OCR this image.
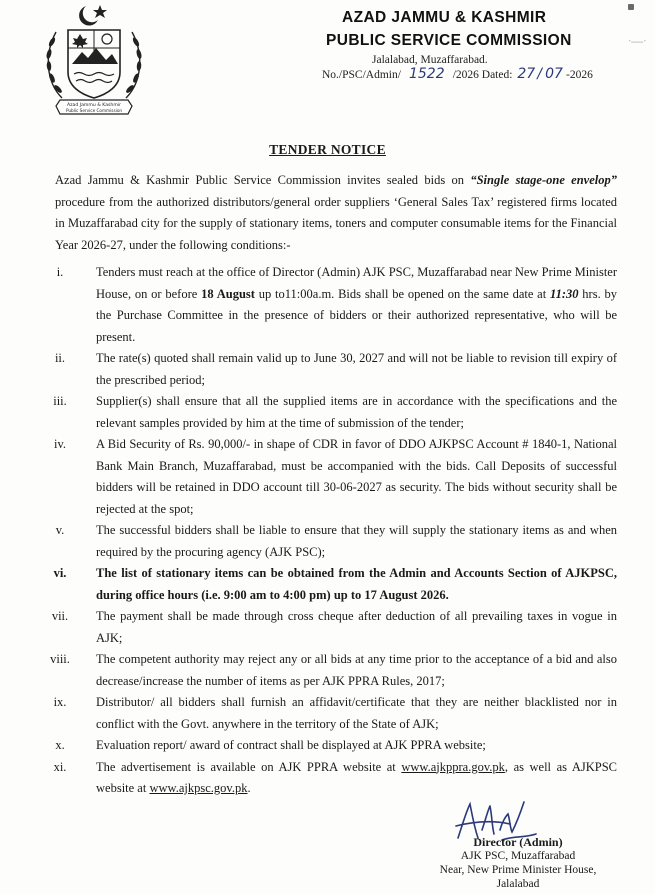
Azad Jammu & Kashmir
Public Service Commission
ᐧ—ᐧ
AZAD JAMMU & KASHMIR
PUBLIC SERVICE COMMISSION
Jalalabad, Muzaffarabad.
No./PSC/Admin/ 1522 /2026 Dated: 27 / 07 -2026
TENDER NOTICE
Azad Jammu & Kashmir Public Service Commission invites sealed bids on “Single stage-one envelop” procedure from the authorized distributors/general order suppliers ‘General Sales Tax’ registered firms located in Muzaffarabad city for the supply of stationary items, toners and computer consumable items for the Financial Year 2026-27, under the following conditions:-
i.	Tenders must reach at the office of Director (Admin) AJK PSC, Muzaffarabad near New Prime Minister House, on or before 18 August up to11:00a.m. Bids shall be opened on the same date at 11:30 hrs. by the Purchase Committee in the presence of bidders or their authorized representative, who will be present.
ii.	The rate(s) quoted shall remain valid up to June 30, 2027 and will not be liable to revision till expiry of the prescribed period;
iii.	Supplier(s) shall ensure that all the supplied items are in accordance with the specifications and the relevant samples provided by him at the time of submission of the tender;
iv.	A Bid Security of Rs. 90,000/- in shape of CDR in favor of DDO AJKPSC Account # 1840-1, National Bank Main Branch, Muzaffarabad, must be accompanied with the bids. Call Deposits of successful bidders will be retained in DDO account till 30-06-2027 as security. The bids without security shall be rejected at the spot;
v.	The successful bidders shall be liable to ensure that they will supply the stationary items as and when required by the procuring agency (AJK PSC);
vi.	The list of stationary items can be obtained from the Admin and Accounts Section of AJKPSC, during office hours (i.e. 9:00 am to 4:00 pm) up to 17 August 2026.
vii.	The payment shall be made through cross cheque after deduction of all prevailing taxes in vogue in AJK;
viii.	The competent authority may reject any or all bids at any time prior to the acceptance of a bid and also decrease/increase the number of items as per AJK PPRA Rules, 2017;
ix.	Distributor/ all bidders shall furnish an affidavit/certificate that they are neither blacklisted nor in conflict with the Govt. anywhere in the territory of the State of AJK;
x.	Evaluation report/ award of contract shall be displayed at AJK PPRA website;
xi.	The advertisement is available on AJK PPRA website at www.ajkppra.gov.pk, as well as AJKPSC website at www.ajkpsc.gov.pk.
Director (Admin)
AJK PSC, Muzaffarabad
Near, New Prime Minister House,
Jalalabad
